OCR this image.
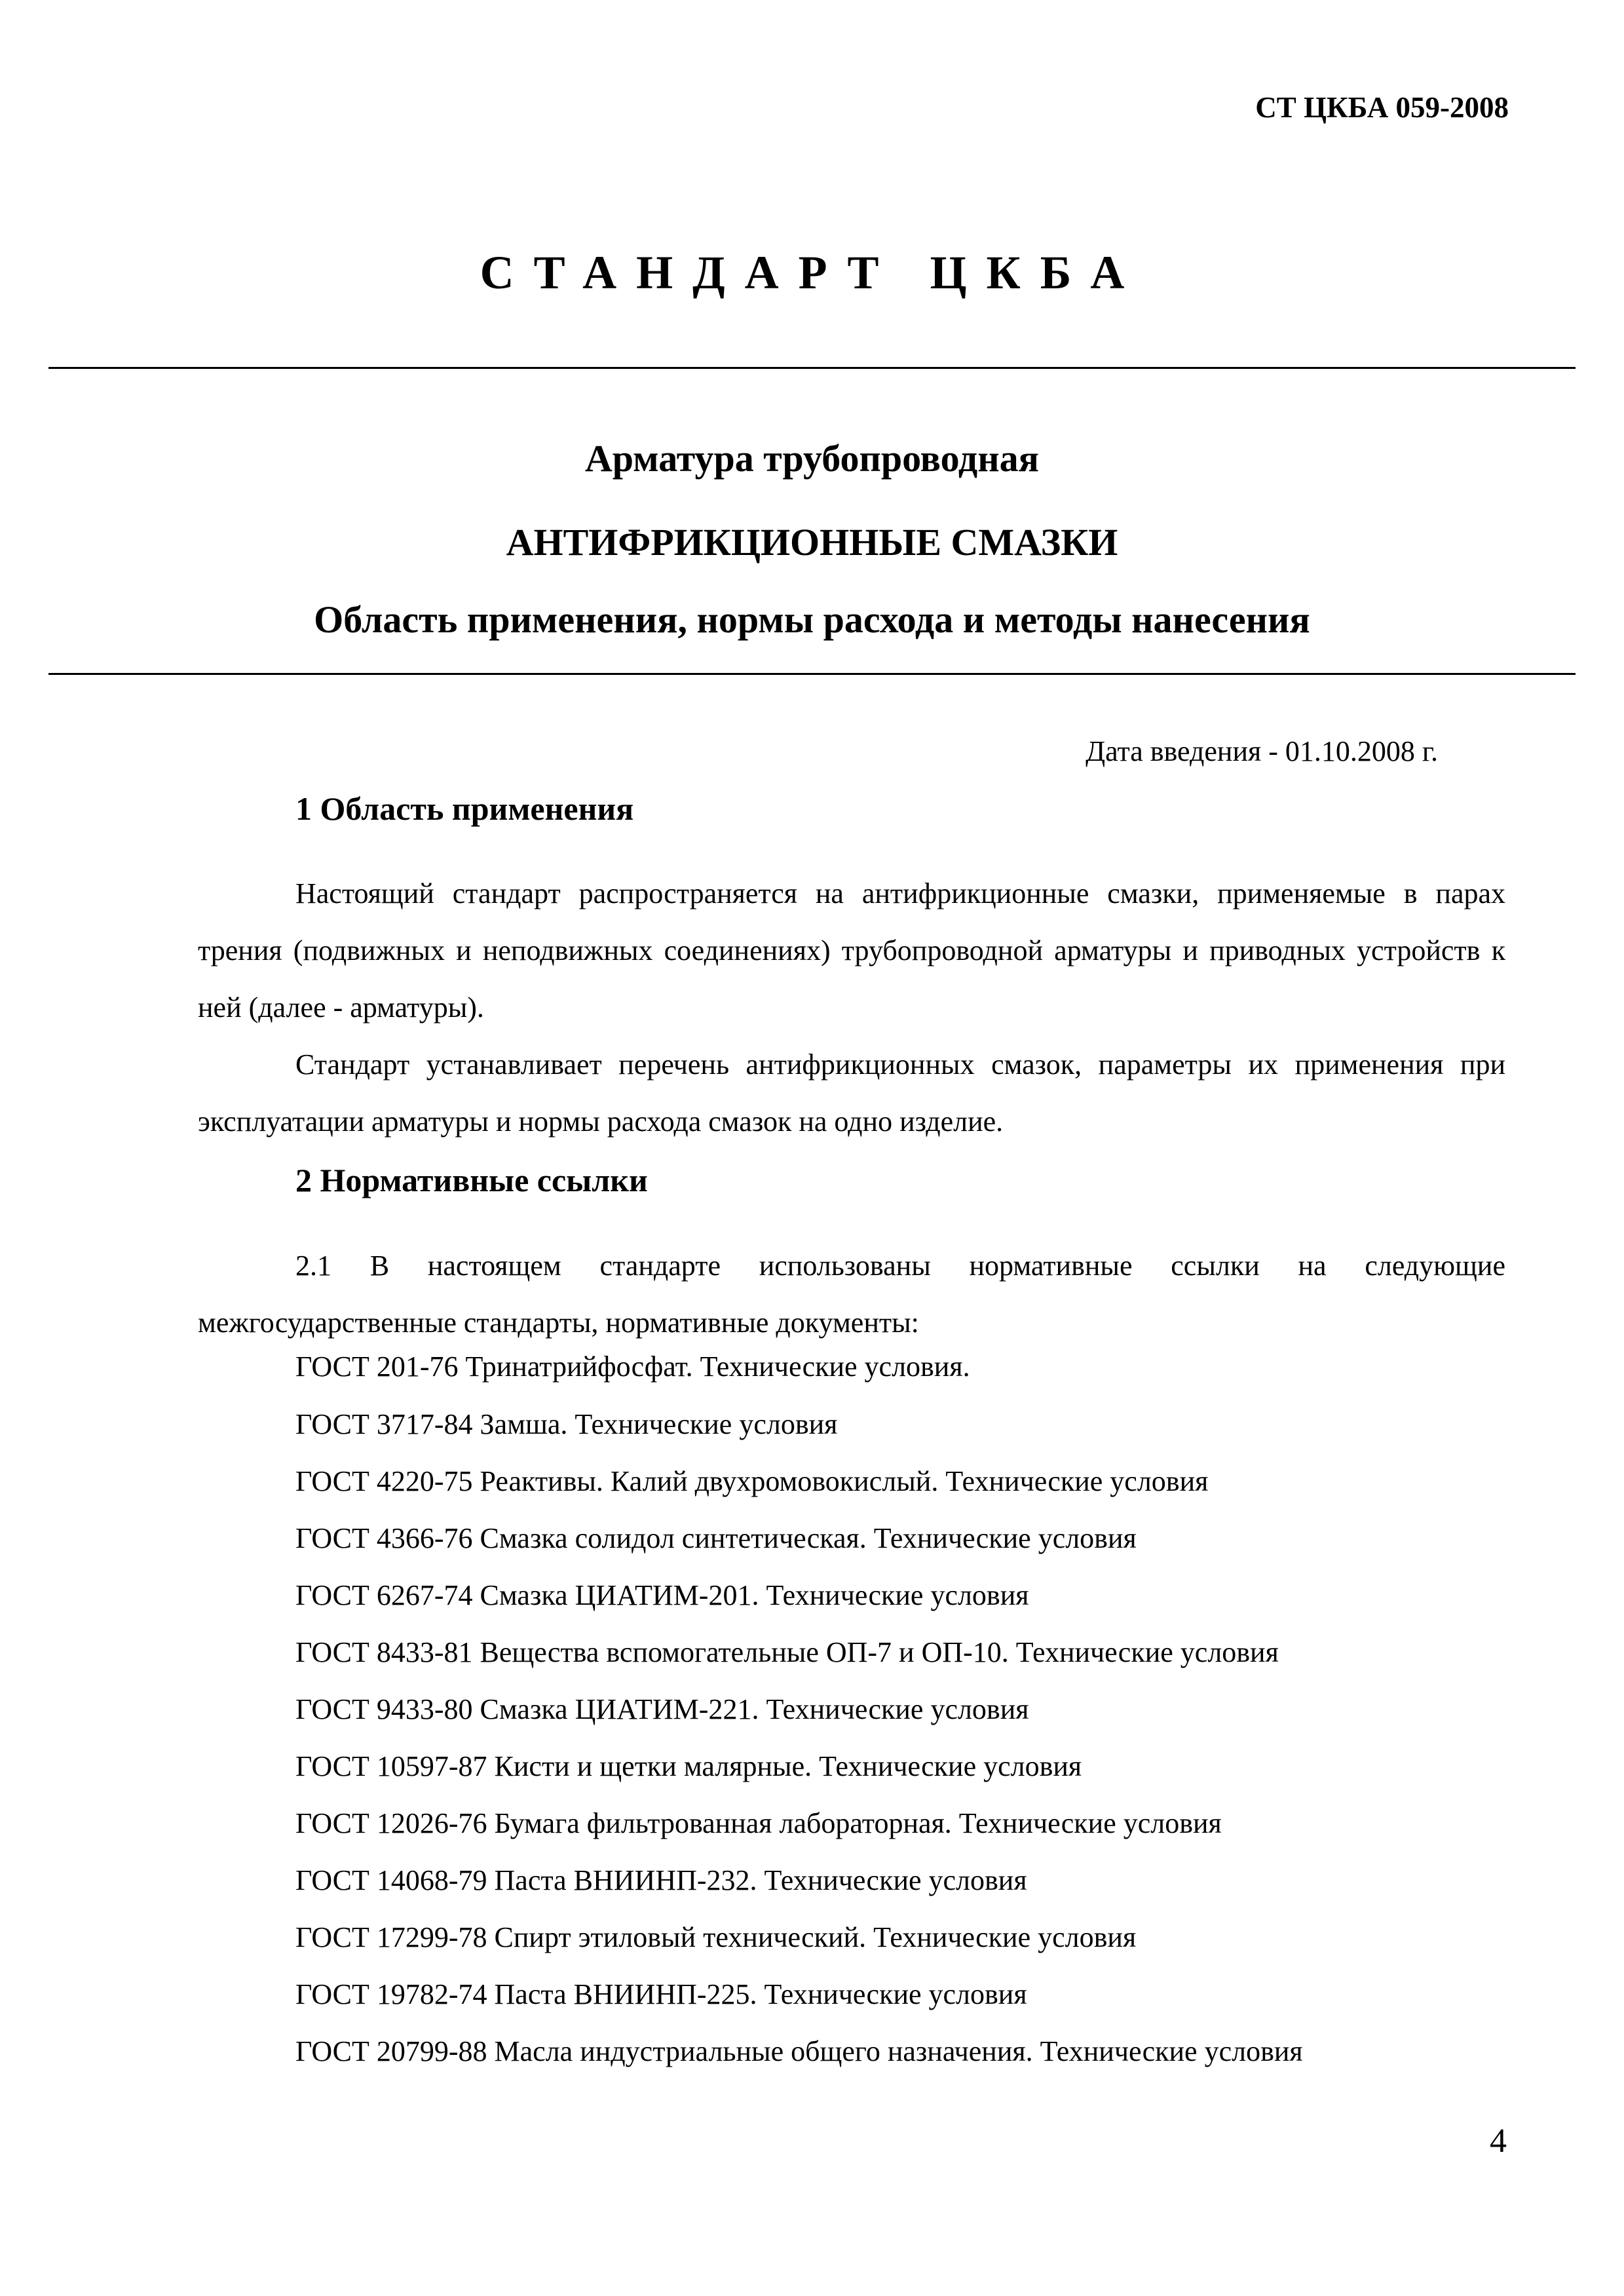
СТ ЦКБА 059-2008
СТАНДАРТ ЦКБА
Арматура трубопроводная
АНТИФРИКЦИОННЫЕ СМАЗКИ
Область применения, нормы расхода и методы нанесения
Дата введения - 01.10.2008 г.
1 Область применения
Настоящий стандарт распространяется на антифрикционные смазки, применяемые в парах трения (подвижных и неподвижных соединениях) трубопроводной арматуры и приводных устройств к ней (далее - арматуры).
Стандарт устанавливает перечень антифрикционных смазок, параметры их применения при эксплуатации арматуры и нормы расхода смазок на одно изделие.
2 Нормативные ссылки
2.1 В настоящем стандарте использованы нормативные ссылки на следующие межгосударственные стандарты, нормативные документы:
ГОСТ 201-76 Тринатрийфосфат. Технические условия.
ГОСТ 3717-84 Замша. Технические условия
ГОСТ 4220-75 Реактивы. Калий двухромовокислый. Технические условия
ГОСТ 4366-76 Смазка солидол синтетическая. Технические условия
ГОСТ 6267-74 Смазка ЦИАТИМ-201. Технические условия
ГОСТ 8433-81 Вещества вспомогательные ОП-7 и ОП-10. Технические условия
ГОСТ 9433-80 Смазка ЦИАТИМ-221. Технические условия
ГОСТ 10597-87 Кисти и щетки малярные. Технические условия
ГОСТ 12026-76 Бумага фильтрованная лабораторная. Технические условия
ГОСТ 14068-79 Паста ВНИИНП-232. Технические условия
ГОСТ 17299-78 Спирт этиловый технический. Технические условия
ГОСТ 19782-74 Паста ВНИИНП-225. Технические условия
ГОСТ 20799-88 Масла индустриальные общего назначения. Технические условия
4
